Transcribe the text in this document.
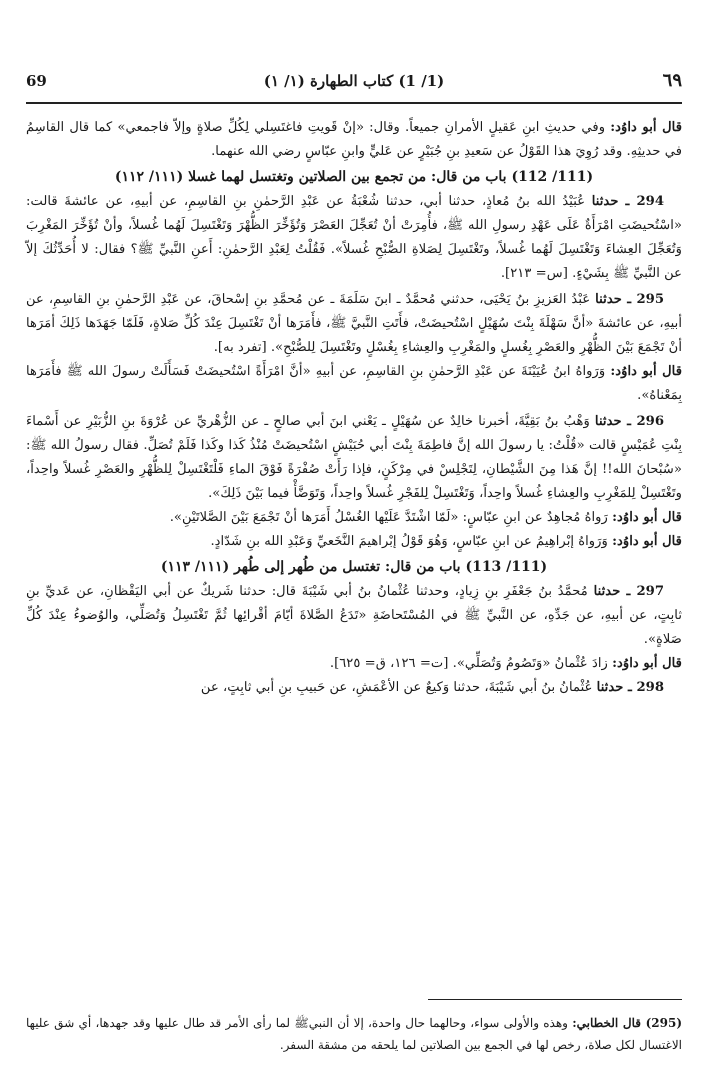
69	(1/ 1) كتاب الطهارة (١/ ١)	٦٩

قال أبو داوُد: وفي حديثِ ابنِ عَقيلٍ الأمرانِ جميعاً. وقال: «إنْ قَويتِ فاغتَسِلي لِكُلِّ صلاةٍ وإلاّ فاجمعي» كما قال القاسِمُ في حديثِهِ. وقد رُوِيَ هذا القَوْلُ عن سَعيدِ بنِ جُبَيْرٍ عن عَليٍّ وابنِ عبّاسٍ رضي الله عنهما.

(111/ 112) باب من قال: من تجمع بين الصلاتين وتغتسل لهما غسلا (١١١/ ١١٢)

294 ـ حدثنا عُبَيْدُ الله بنُ مُعاذٍ، حدثنا أبي، حدثنا شُعْبَةُ عن عَبْدِ الرَّحمٰنِ بنِ القاسِمِ، عن أبيهِ، عن عائشةَ قالت: «اسْتُحيضَتِ امْرَأَةٌ عَلَى عَهْدِ رسولِ الله ﷺ، فأُمِرَتْ أنْ تُعَجِّلَ العَصْرَ وَتُؤَخِّرَ الظُّهْرَ وَتَغْتَسِلَ لَهُما غُسلاً، وأنْ تُؤَخِّرَ المَغْرِبَ وَتُعَجِّلَ العِشاءَ وَتَغْتَسِلَ لَهُما غُسلاً، وتَغْتَسِلَ لِصَلاةِ الصُّبْحِ غُسلاً». فَقُلْتُ لِعَبْدِ الرَّحمٰنِ: أَعنِ النَّبيِّ ﷺ؟ فقال: لا أُحَدِّثُكَ إلاّ عن النَّبيِّ ﷺ بِشَيْءٍ. [س= ٢١٣].

295 ـ حدثنا عَبْدُ العَزيزِ بنُ يَحْيَى، حدثني مُحمَّدٌ ـ ابنَ سَلَمَةَ ـ عن مُحمَّدِ بنِ إسْحاقَ، عن عَبْدِ الرَّحمٰنِ بنِ القاسِمِ، عن أبيهِ، عن عائشةَ «أنَّ سَهْلَةَ بِنْتَ سُهَيْلٍ اسْتُحيضَتْ، فأَتَتِ النَّبيَّ ﷺ، فأَمَرَها أنْ تَغْتَسِلَ عِنْدَ كُلِّ صَلاةٍ، فَلَمّا جَهَدَها ذَلِكَ أمَرَها أنْ تَجْمَعَ بَيْنَ الظُّهْرِ والعَصْرِ بِغُسلٍ والمَغْرِبِ والعِشاءِ بِغُسْلٍ وتَغْتَسِلَ لِلصُّبْحِ». [تفرد به].

قال أبو داوُد: وَرَواهُ ابنُ عُيَيْنَةَ عن عَبْدِ الرَّحمٰنِ بنِ القاسِمِ، عن أبيهِ «أنَّ امْرَأَةً اسْتُحيضَتْ فَسَأَلَتْ رسولَ الله ﷺ فأَمَرَها بِمَعْناهُ».

296 ـ حدثنا وَهْبُ بنُ بَقِيَّةَ، أخبرنا خالِدٌ عن سُهَيْلٍ ـ يَعْني ابنَ أبي صالحٍ ـ عن الزُّهْريِّ عن عُرْوَةَ بنِ الزُّبَيْرِ عن أَسْماءَ بِنْتِ عُمَيْسٍ قالت «قُلْتُ: يا رسولَ الله إنَّ فاطِمَةَ بِنْتَ أبي حُبَيْشٍ اسْتُحيضَتْ مُنْذُ كَذا وكَذا فَلَمْ تُصَلِّ. فقال رسولُ الله ﷺ: «سُبْحانَ الله!! إنَّ هَذا مِنَ الشَّيْطانِ، لِتَجْلِسْ في مِرْكَنٍ، فإذا رَأَتْ صُفْرَةً فَوْقَ الماءِ فَلْتَغْتَسِلْ لِلظُّهْرِ والعَصْرِ غُسلاً واحِداً، وتَغْتَسِلْ لِلمَغْرِبِ والعِشاءِ غُسلاً واحِداً، وَتَغْتَسِلْ لِلفَجْرِ غُسلاً واحِداً، وَتَوَضَّأْ فيما بَيْنَ ذَلِكَ».

قال أبو داوُد: رَواهُ مُجاهِدٌ عن ابنِ عبّاسٍ: «لَمّا اشْتَدَّ عَلَيْها الغُسْلُ أَمَرَها أنْ تَجْمَعَ بَيْنَ الصَّلاتَيْنِ».

قال أبو داوُد: وَرَواهُ إبْراهِيمُ عن ابنِ عبّاسٍ، وَهُوَ قَوْلُ إبْراهيمَ النَّخَعيِّ وَعَبْدِ الله بنِ شَدّادٍ.

(111/ 113) باب من قال: تغتسل من طُهر إلى طُهر (١١١/ ١١٣)

297 ـ حدثنا مُحمَّدُ بنُ جَعْفَرِ بنِ زِيادٍ، وحدثنا عُثْمانُ بنُ أبي شَيْبَةَ قال: حدثنا شَريكٌ عن أبي اليَقْظانِ، عن عَديِّ بنِ ثابِتٍ، عن أبيهِ، عن جَدِّهِ، عن النَّبيِّ ﷺ في المُسْتَحاضَةِ «تَدَعُ الصَّلاةَ أيّامَ أقْرائِها ثُمَّ تَغْتَسِلُ وَتُصَلِّي، والوُضوءُ عِنْدَ كُلِّ صَلاةٍ».

قال أبو داوُد: زادَ عُثْمانُ «وَتَصُومُ وَتُصَلِّي». [ت= ١٢٦، ق= ٦٢٥].

298 ـ حدثنا عُثْمانُ بنُ أبي شَيْبَةَ، حدثنا وَكيعٌ عن الأعْمَشِ، عن حَبيبِ بنِ أبي ثابِتٍ، عن

(295) قال الخطابي: وهذه والأولى سواء، وحالهما حال واحدة، إلا أن النبيﷺ لما رأى الأمر قد طال عليها وقد جهدها، أي شق عليها الاغتسال لكل صلاة، رخص لها في الجمع بين الصلاتين لما يلحقه من مشقة السفر.
